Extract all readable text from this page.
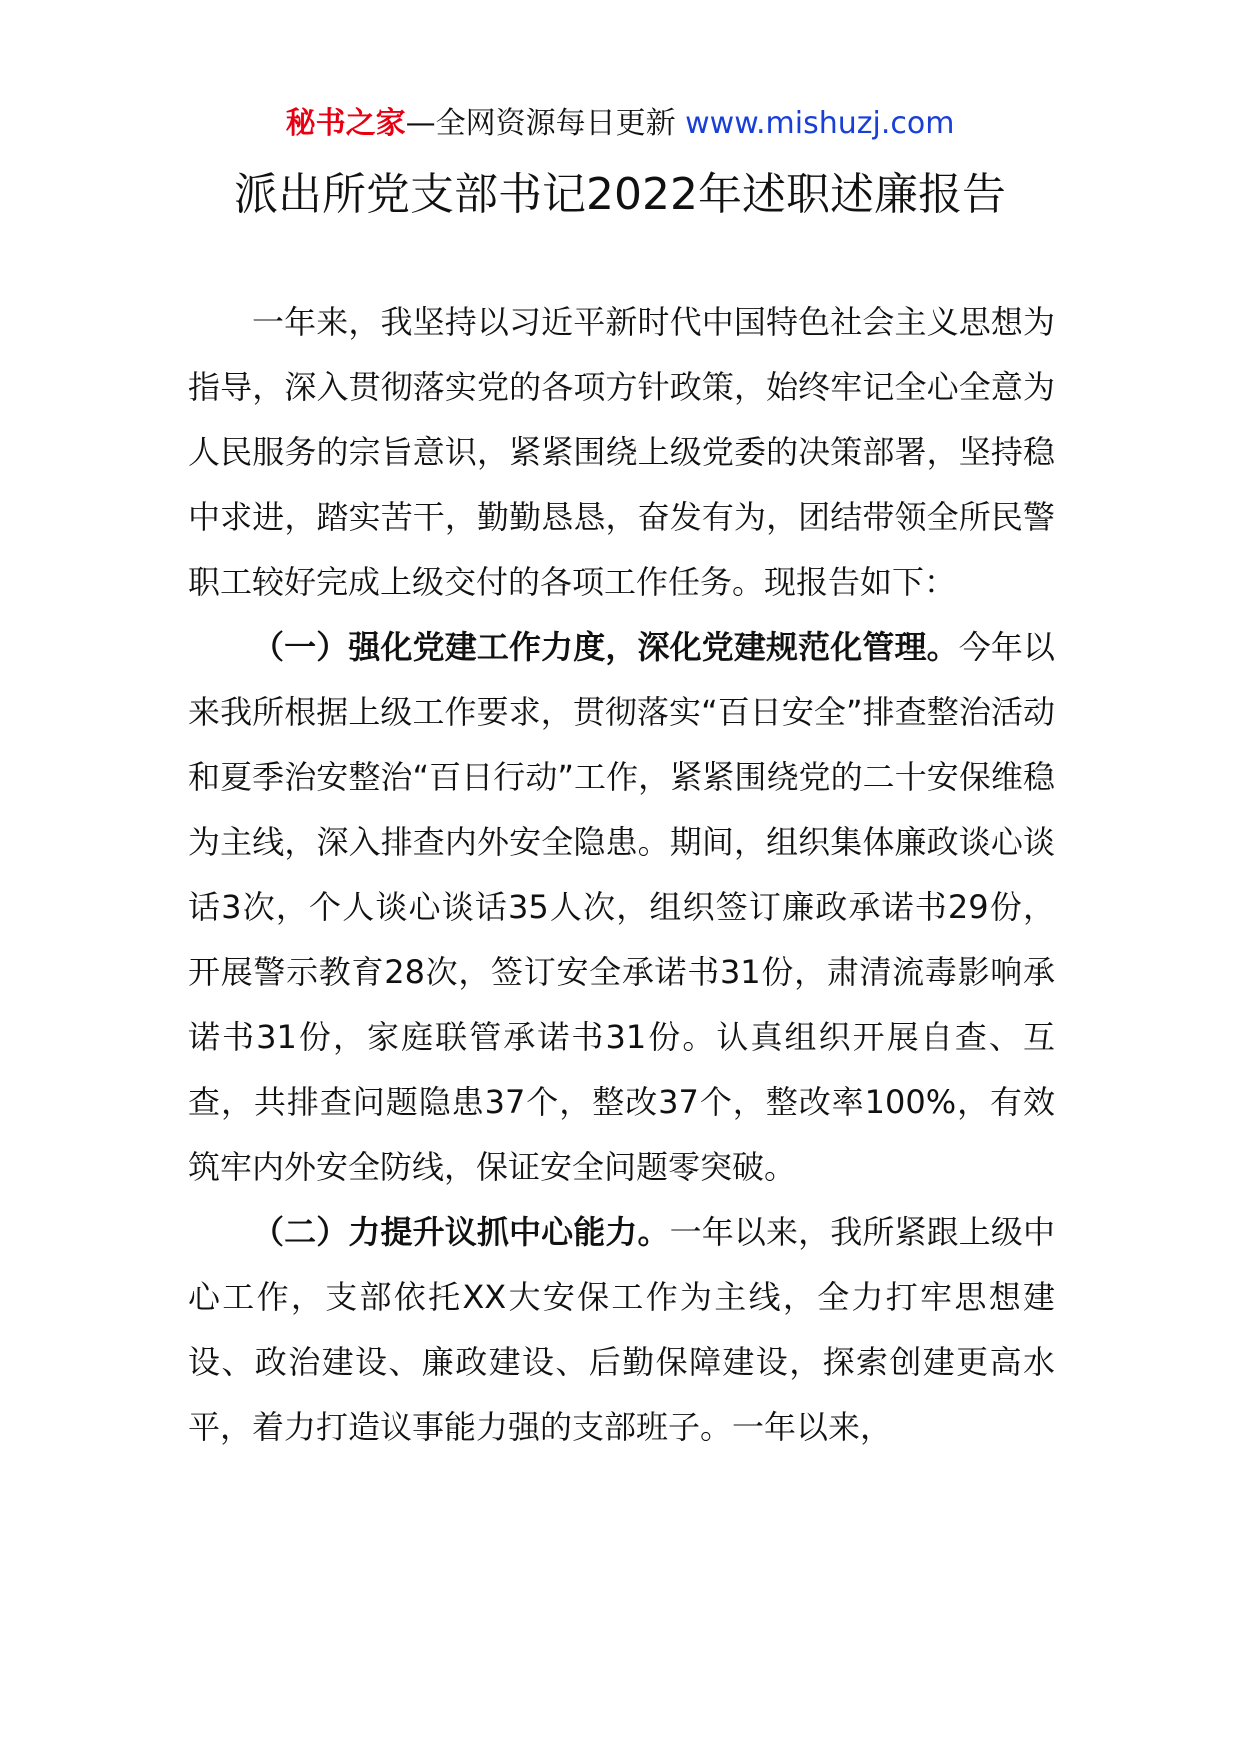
秘书之家—全网资源每日更新 www.mishuzj.com
派出所党支部书记2022年述职述廉报告

一年来，我坚持以习近平新时代中国特色社会主义思想为指导，深入贯彻落实党的各项方针政策，始终牢记全心全意为人民服务的宗旨意识，紧紧围绕上级党委的决策部署，坚持稳中求进，踏实苦干，勤勤恳恳，奋发有为，团结带领全所民警职工较好完成上级交付的各项工作任务。现报告如下：

（一）强化党建工作力度，深化党建规范化管理。今年以来我所根据上级工作要求，贯彻落实“百日安全”排查整治活动和夏季治安整治“百日行动”工作，紧紧围绕党的二十安保维稳为主线，深入排查内外安全隐患。期间，组织集体廉政谈心谈话3次，个人谈心谈话35人次，组织签订廉政承诺书29份，开展警示教育28次，签订安全承诺书31份，肃清流毒影响承诺书31份，家庭联管承诺书31份。认真组织开展自查、互查，共排查问题隐患37个，整改37个，整改率100%，有效筑牢内外安全防线，保证安全问题零突破。

（二）力提升议抓中心能力。一年以来，我所紧跟上级中心工作，支部依托XX大安保工作为主线，全力打牢思想建设、政治建设、廉政建设、后勤保障建设，探索创建更高水平，着力打造议事能力强的支部班子。一年以来，
